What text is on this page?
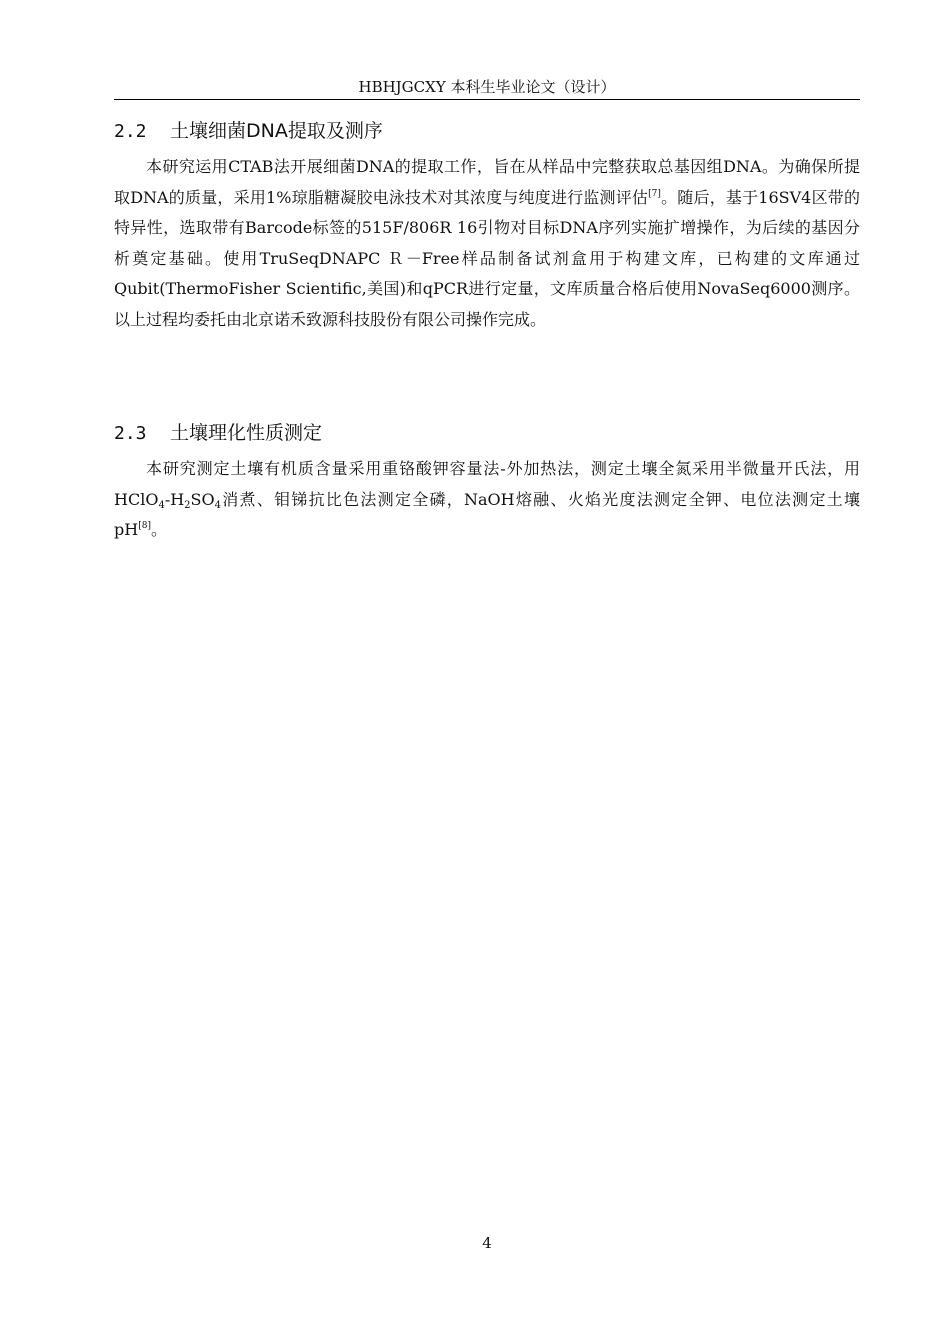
HBHJGCXY 本科生毕业论文（设计）
2.2 土壤细菌DNA提取及测序

本研究运用CTAB法开展细菌DNA的提取工作，旨在从样品中完整获取总基因组DNA。为确保所提取DNA的质量，采用1%琼脂糖凝胶电泳技术对其浓度与纯度进行监测评估[7]。随后，基于16SV4区带的特异性，选取带有Barcode标签的515F/806R 16引物对目标DNA序列实施扩增操作，为后续的基因分析奠定基础。使用TruSeqDNAPC Ｒ－Free样品制备试剂盒用于构建文库，已构建的文库通过Qubit(ThermoFisher Scientific,美国)和qPCR进行定量，文库质量合格后使用NovaSeq6000测序。以上过程均委托由北京诺禾致源科技股份有限公司操作完成。

2.3 土壤理化性质测定

本研究测定土壤有机质含量采用重铬酸钾容量法-外加热法，测定土壤全氮采用半微量开氏法，用$HClO_4-H_2SO_4$消煮、钼锑抗比色法测定全磷，NaOH熔融、火焰光度法测定全钾、电位法测定土壤pH[8]。

4
